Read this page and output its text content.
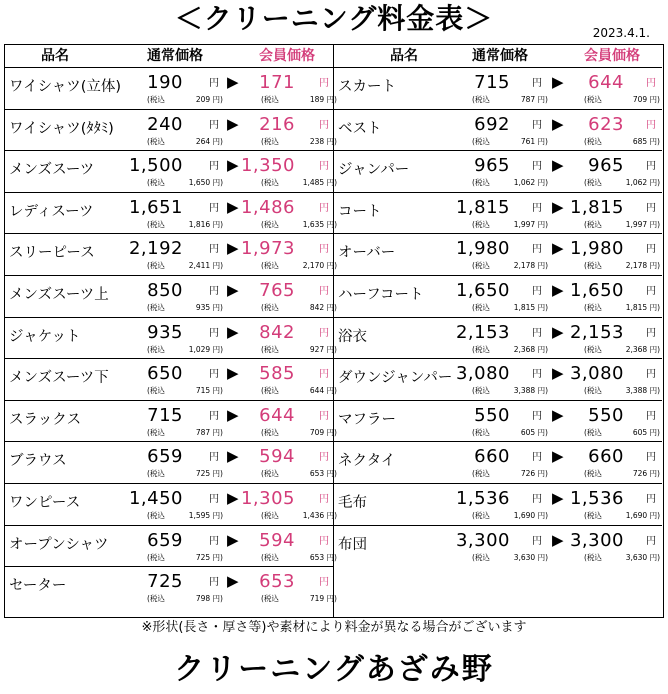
＜クリーニング料金表＞	2023.4.1.
品名	通常価格	会員価格
ワイシャツ(立体) 190	円 ▶ 171 円
(税込	209 円)	(税込	189 円)
ワイシャツ(ﾀﾀﾐ) 240	円 ▶ 216 円
(税込	264 円)	(税込	238 円)
メンズスーツ 1,500	円 ▶ 1,350 円
(税込	1,650 円)	(税込	1,485 円)
レディスーツ 1,651	円 ▶ 1,486 円
(税込	1,816 円)	(税込	1,635 円)
スリーピース 2,192	円 ▶ 1,973 円
(税込	2,411 円)	(税込	2,170 円)
メンズスーツ上 850	円 ▶ 765 円
(税込	935 円)	(税込	842 円)
ジャケット	935	円 ▶ 842 円
(税込	1,029 円)	(税込	927 円)
メンズスーツ下 650	円 ▶ 585 円
(税込	715 円)	(税込	644 円)
スラックス	715	円 ▶ 644 円
(税込	787 円)	(税込	709 円)
ブラウス	659	円 ▶ 594 円
(税込	725 円)	(税込	653 円)
ワンピース	1,450	円 ▶ 1,305 円
(税込	1,595 円)	(税込	1,436 円)
オープンシャツ 659	円 ▶ 594 円
(税込	725 円)	(税込	653 円)
セーター	725	円 ▶ 653 円
(税込	798 円)	(税込	719 円)
品名	通常価格	会員価格
スカート	715 円 ▶ 644 円
(税込	787 円)	(税込	709 円)
ベスト	692 円 ▶ 623 円
(税込	761 円)	(税込	685 円)
ジャンパー	965 円 ▶ 965 円
(税込	1,062 円)	(税込	1,062 円)
コート	1,815 円 ▶ 1,815 円
(税込	1,997 円)	(税込	1,997 円)
オーバー	1,980 円 ▶ 1,980 円
(税込	2,178 円)	(税込	2,178 円)
ハーフコート 1,650 円 ▶ 1,650 円
(税込	1,815 円)	(税込	1,815 円)
浴衣	2,153 円 ▶ 2,153 円
(税込	2,368 円)	(税込	2,368 円)
ダウンジャンパー 3,080 円 ▶ 3,080 円
(税込	3,388 円)	(税込	3,388 円)
マフラー	550 円 ▶ 550 円
(税込	605 円)	(税込	605 円)
ネクタイ	660 円 ▶ 660 円
(税込	726 円)	(税込	726 円)
毛布	1,536 円 ▶ 1,536 円
(税込	1,690 円)	(税込	1,690 円)
布団	3,300 円 ▶ 3,300 円
(税込	3,630 円)	(税込	3,630 円)
※形状(長さ・厚さ等)や素材により料金が異なる場合がございます
クリーニングあざみ野
